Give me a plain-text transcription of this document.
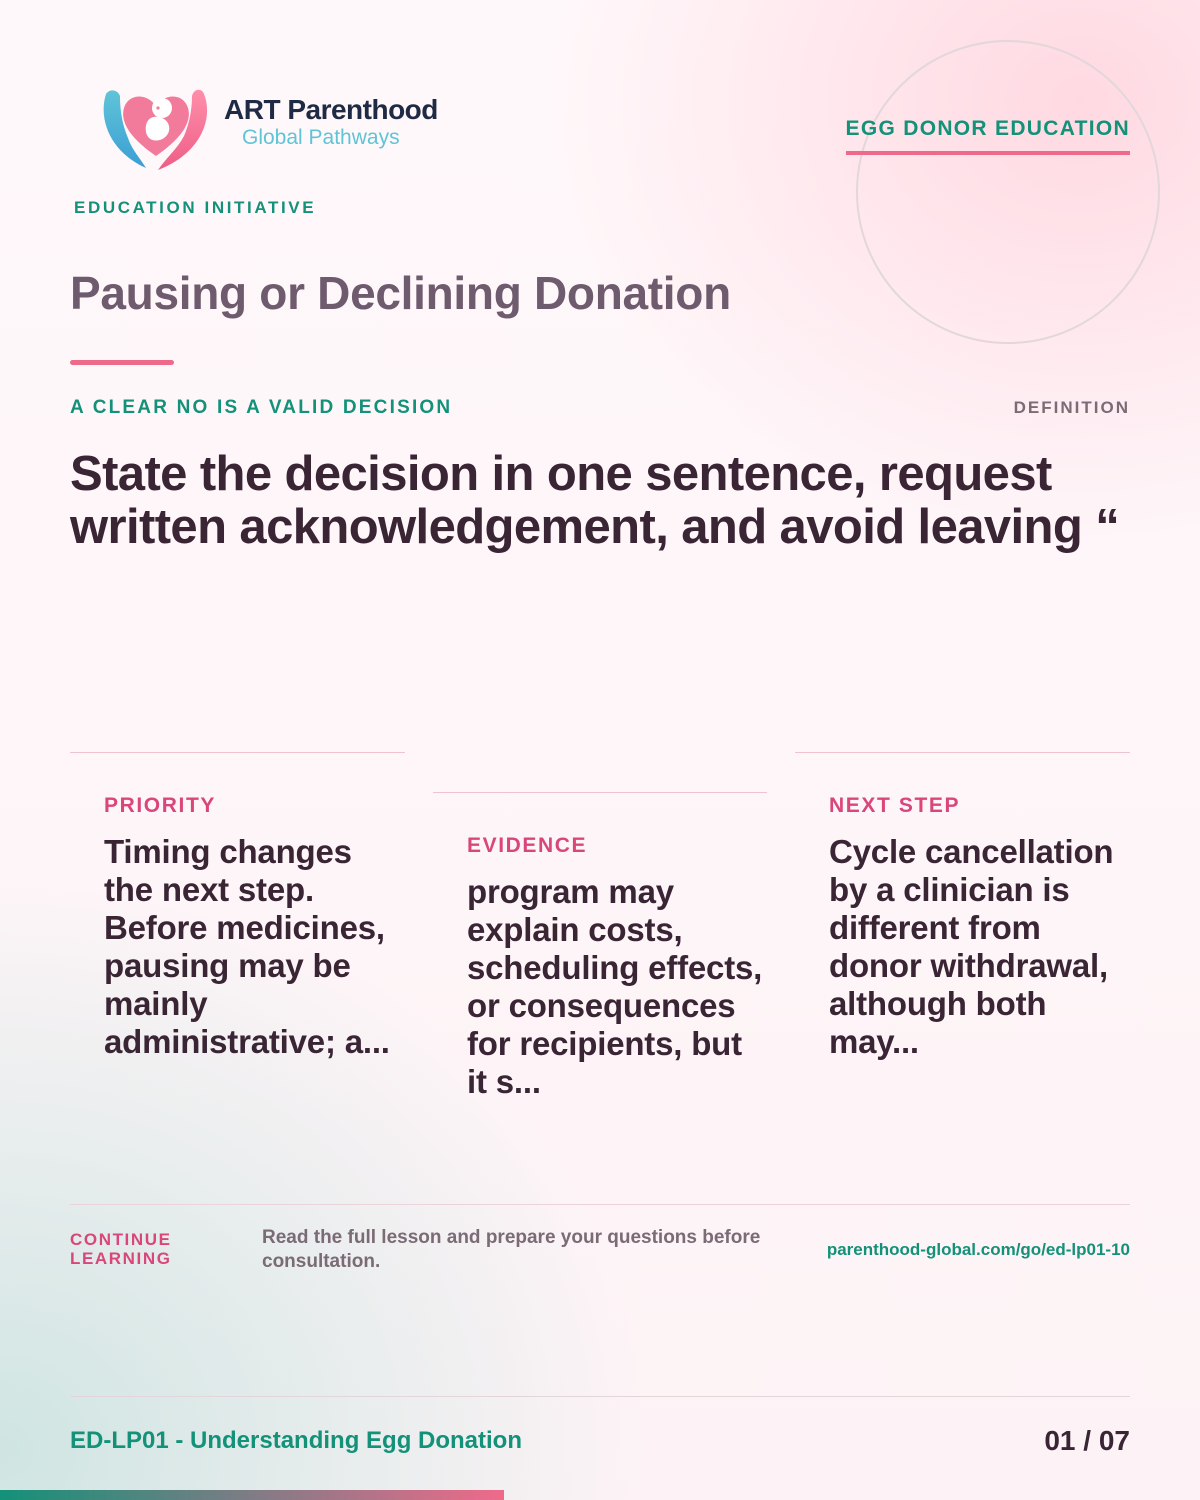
ART Parenthood
Global Pathways
EDUCATION INITIATIVE
EGG DONOR EDUCATION
Pausing or Declining Donation
A CLEAR NO IS A VALID DECISION	DEFINITION

State the decision in one sentence, request written acknowledgement, and avoid leaving “

PRIORITY
Timing changes the next step. Before medicines, pausing may be mainly administrative; a...
EVIDENCE
program may explain costs, scheduling effects, or consequences for recipients, but it s...
NEXT STEP
Cycle cancellation by a clinician is different from donor withdrawal, although both may...
CONTINUE LEARNING
Read the full lesson and prepare your questions before consultation.
parenthood-global.com/go/ed-lp01-10
ED-LP01 - Understanding Egg Donation	01 / 07
